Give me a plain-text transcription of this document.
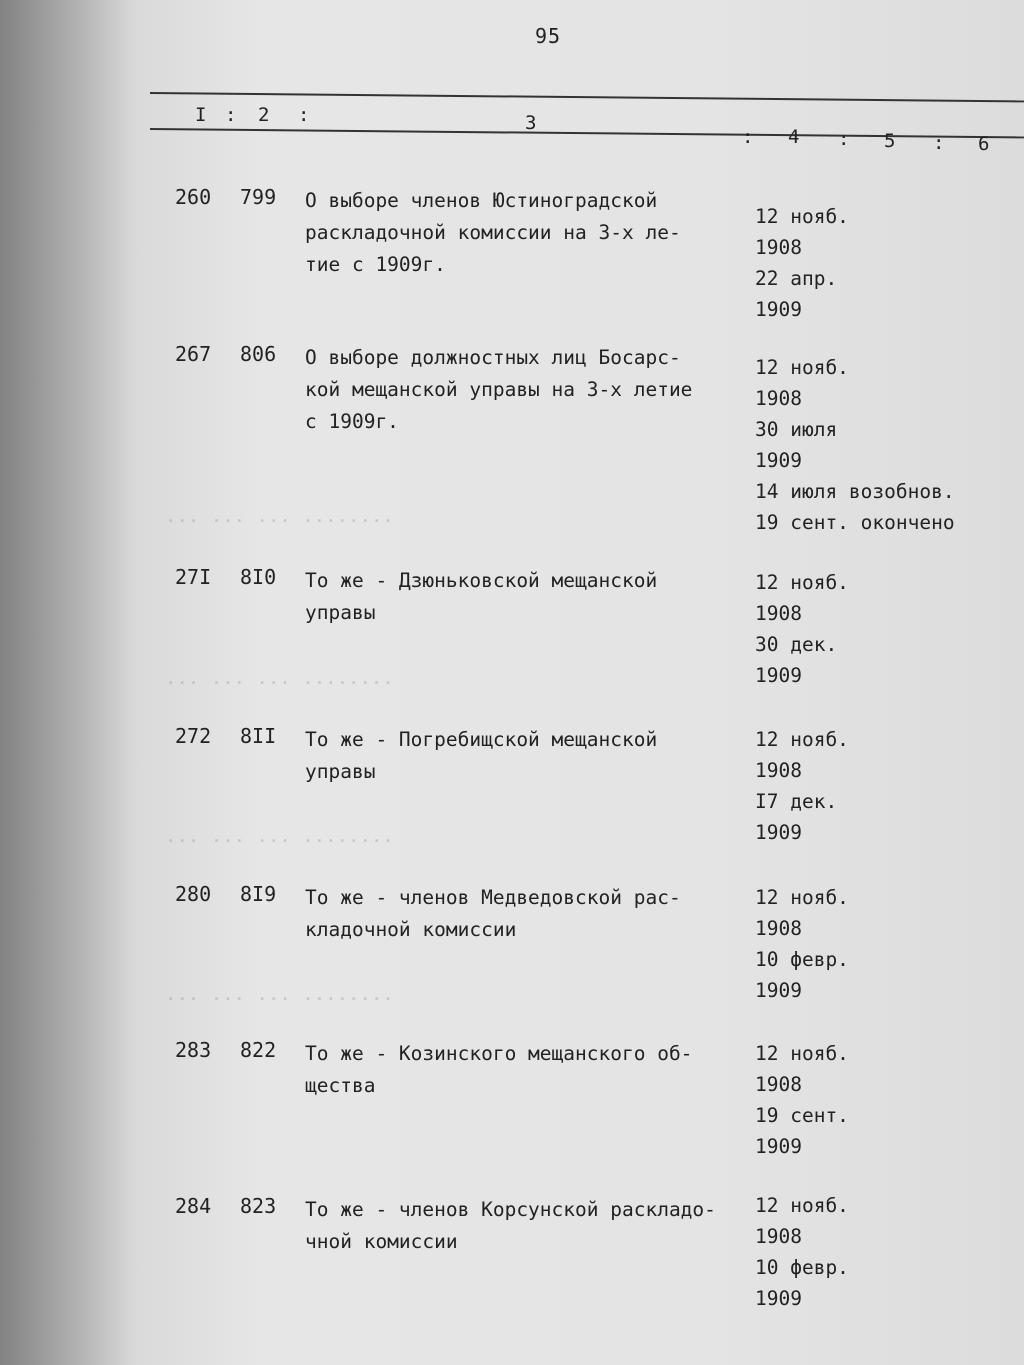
95
I : 2 :	3
: 4 : 5 : 6
··· ··· ··· ········
··· ··· ··· ········
··· ··· ··· ········
··· ··· ··· ········
260 799 О выборе членов Юстиноградской
раскладочной комиссии на 3-х ле-
тие с 1909г.
12 нояб.
1908
22 апр.
1909
267 806 О выборе должностных лиц Босарс-
кой мещанской управы на 3-х летие
с 1909г.
12 нояб.
1908
30 июля
1909
14 июля возобнов.
19 сент. окончено
27I 8I0 То же - Дзюньковской мещанской
управы
12 нояб.
1908
30 дек.
1909
272 8II То же - Погребищской мещанской
управы
12 нояб.
1908
I7 дек.
1909
280 8I9 То же - членов Медведовской рас-
кладочной комиссии
12 нояб.
1908
10 февр.
1909
283 822 То же - Козинского мещанского об-
щества
12 нояб.
1908
19 сент.
1909
284 823 То же - членов Корсунской раскладо-
чной комиссии
12 нояб.
1908
10 февр.
1909
